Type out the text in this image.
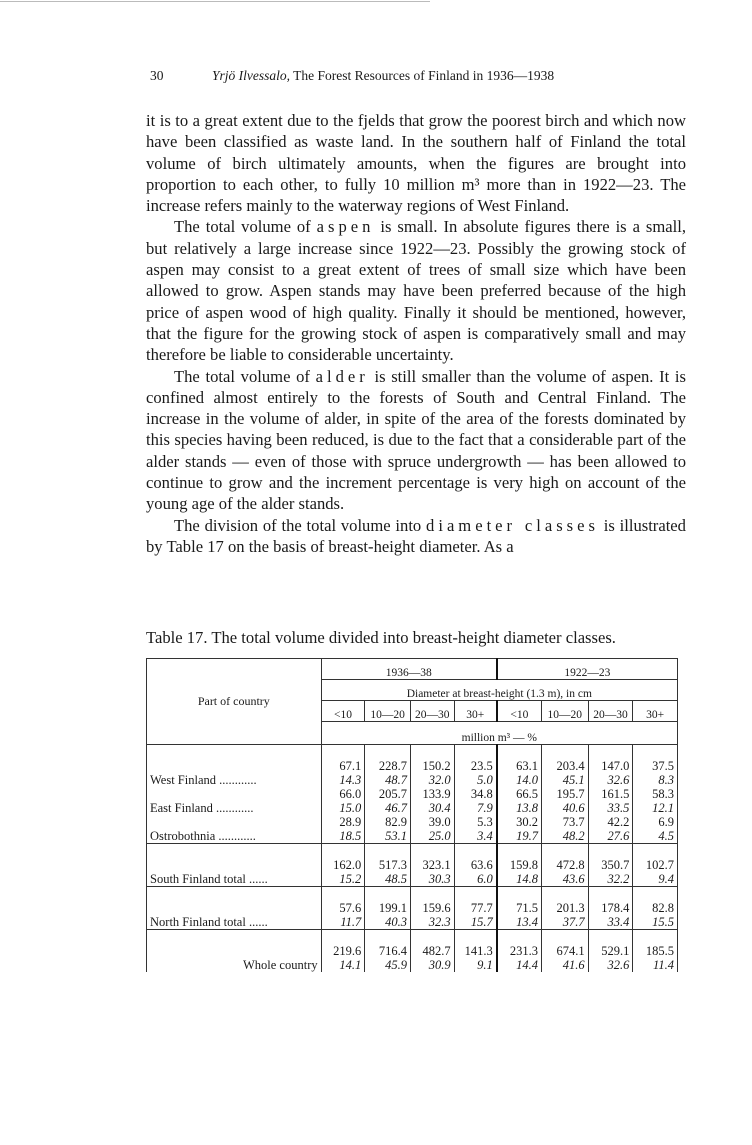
30	Yrjö Ilvessalo, The Forest Resources of Finland in 1936—1938

it is to a great extent due to the fjelds that grow the poorest birch and which now have been classified as waste land. In the southern half of Finland the total volume of birch ultimately amounts, when the figures are brought into proportion to each other, to fully 10 million m³ more than in 1922—23. The increase refers mainly to the waterway regions of West Finland.

The total volume of aspen is small. In absolute figures there is a small, but relatively a large increase since 1922—23. Possibly the growing stock of aspen may consist to a great extent of trees of small size which have been allowed to grow. Aspen stands may have been preferred because of the high price of aspen wood of high quality. Finally it should be mentioned, however, that the figure for the growing stock of aspen is comparatively small and may therefore be liable to considerable uncertainty.

The total volume of alder is still smaller than the volume of aspen. It is confined almost entirely to the forests of South and Central Finland. The increase in the volume of alder, in spite of the area of the forests dominated by this species having been reduced, is due to the fact that a considerable part of the alder stands — even of those with spruce undergrowth — has been allowed to continue to grow and the increment percentage is very high on account of the young age of the alder stands.

The division of the total volume into diameter classes is illustrated by Table 17 on the basis of breast-height diameter. As a

Table 17. The total volume divided into breast-height diameter classes.
Part of country	1936—38				1922—23			
	Diameter at breast-height (1.3 m), in cm							
	<10	10—20	20—30	30+	<10	10—20	20—30	30+
	million m³ — %							

West Finland ............	67.1	228.7	150.2	23.5	63.1	203.4	147.0	37.5
	14.3	48.7	32.0	5.0	14.0	45.1	32.6	8.3
East Finland ............	66.0	205.7	133.9	34.8	66.5	195.7	161.5	58.3
	15.0	46.7	30.4	7.9	13.8	40.6	33.5	12.1
Ostrobothnia ............	28.9	82.9	39.0	5.3	30.2	73.7	42.2	6.9
	18.5	53.1	25.0	3.4	19.7	48.2	27.6	4.5

South Finland total ......	162.0	517.3	323.1	63.6	159.8	472.8	350.7	102.7
	15.2	48.5	30.3	6.0	14.8	43.6	32.2	9.4

North Finland total ......	57.6	199.1	159.6	77.7	71.5	201.3	178.4	82.8
	11.7	40.3	32.3	15.7	13.4	37.7	33.4	15.5

Whole country	219.6	716.4	482.7	141.3	231.3	674.1	529.1	185.5
	14.1	45.9	30.9	9.1	14.4	41.6	32.6	11.4
